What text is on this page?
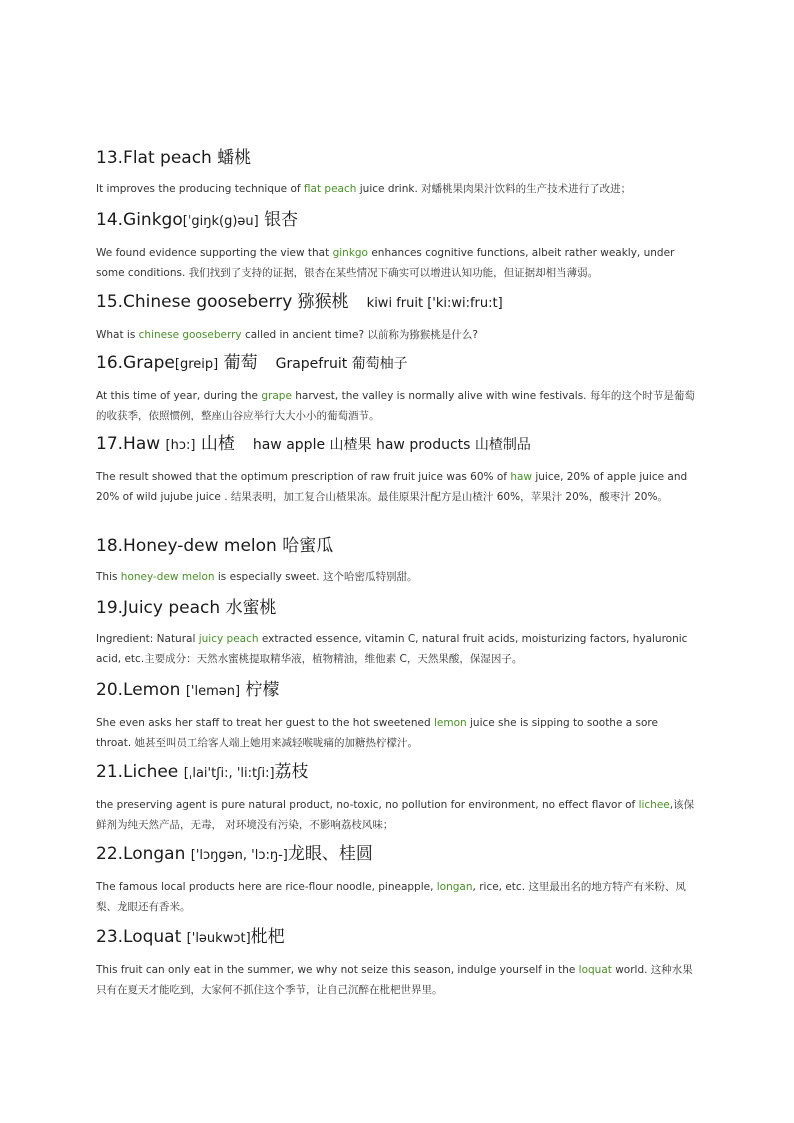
13.Flat peach 蟠桃

It improves the producing technique of flat peach juice drink. 对蟠桃果肉果汁饮料的生产技术进行了改进；

14.Ginkgo[ˈgiŋk(g)əu] 银杏

We found evidence supporting the view that ginkgo enhances cognitive functions, albeit rather weakly, under some conditions. 我们找到了支持的证据，银杏在某些情况下确实可以增进认知功能，但证据却相当薄弱。

15.Chinese gooseberry 猕猴桃 kiwi fruit ['ki:wi:fru:t]

What is chinese gooseberry called in ancient time? 以前称为猕猴桃是什么?

16.Grape[greip] 葡萄 Grapefruit 葡萄柚子

At this time of year, during the grape harvest, the valley is normally alive with wine festivals. 每年的这个时节是葡萄的收获季，依照惯例，整座山谷应举行大大小小的葡萄酒节。

17.Haw [hɔ:] 山楂 haw apple 山楂果 haw products 山楂制品

The result showed that the optimum prescription of raw fruit juice was 60% of haw juice, 20% of apple juice and 20% of wild jujube juice . 结果表明，加工复合山楂果冻。最佳原果汁配方是山楂汁 60%，苹果汁 20%，酸枣汁 20%。

18.Honey-dew melon 哈蜜瓜

This honey-dew melon is especially sweet. 这个哈密瓜特别甜。

19.Juicy peach 水蜜桃

Ingredient: Natural juicy peach extracted essence, vitamin C, natural fruit acids, moisturizing factors, hyaluronic acid, etc.主要成分：天然水蜜桃提取精华液，植物精油，维他素 C，天然果酸，保湿因子。

20.Lemon ['lemən] 柠檬

She even asks her staff to treat her guest to the hot sweetened lemon juice she is sipping to soothe a sore throat. 她甚至叫员工给客人端上她用来减轻喉咙痛的加糖热柠檬汁。

21.Lichee [ˌlai'tʃi:, 'li:tʃi:]荔枝

the preserving agent is pure natural product, no-toxic, no pollution for environment, no effect flavor of lichee,该保鲜剂为纯天然产品，无毒， 对环境没有污染，不影响荔枝风味；

22.Longan ['lɔŋgən, 'lɔ:ŋ-]龙眼、桂圆

The famous local products here are rice-flour noodle, pineapple, longan, rice, etc. 这里最出名的地方特产有米粉、凤梨、龙眼还有香米。

23.Loquat ['ləukwɔt]枇杷

This fruit can only eat in the summer, we why not seize this season, indulge yourself in the loquat world. 这种水果只有在夏天才能吃到，大家何不抓住这个季节，让自己沉醉在枇杷世界里。
